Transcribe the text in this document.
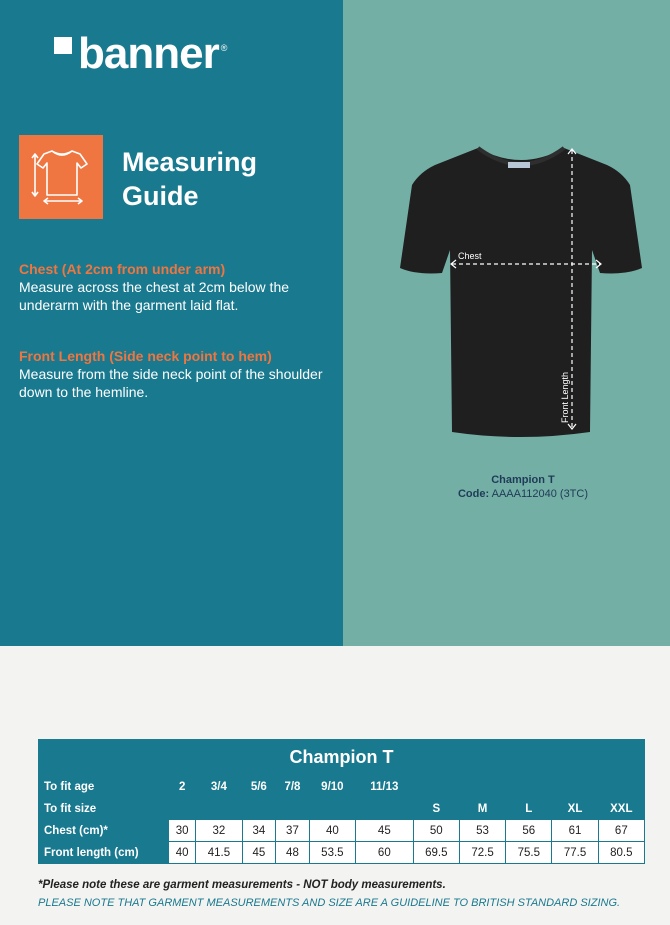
banner ®
Measuring
Guide
Chest (At 2cm from under arm)
Measure across the chest at 2cm below the underarm with the garment laid flat.
Front Length (Side neck point to hem)
Measure from the side neck point of the shoulder down to the hemline.
Chest
Front Length
Champion T
Code: AAAA112040 (3TC)
Champion T											
To fit age	2	3/4	5/6	7/8	9/10	11/13					
To fit size							S	M	L	XL	XXL
Chest (cm)*	30	32	34	37	40	45	50	53	56	61	67
Front length (cm)	40	41.5	45	48	53.5	60	69.5	72.5	75.5	77.5	80.5
*Please note these are garment measurements - NOT body measurements.
PLEASE NOTE THAT GARMENT MEASUREMENTS AND SIZE ARE A GUIDELINE TO BRITISH STANDARD SIZING.
